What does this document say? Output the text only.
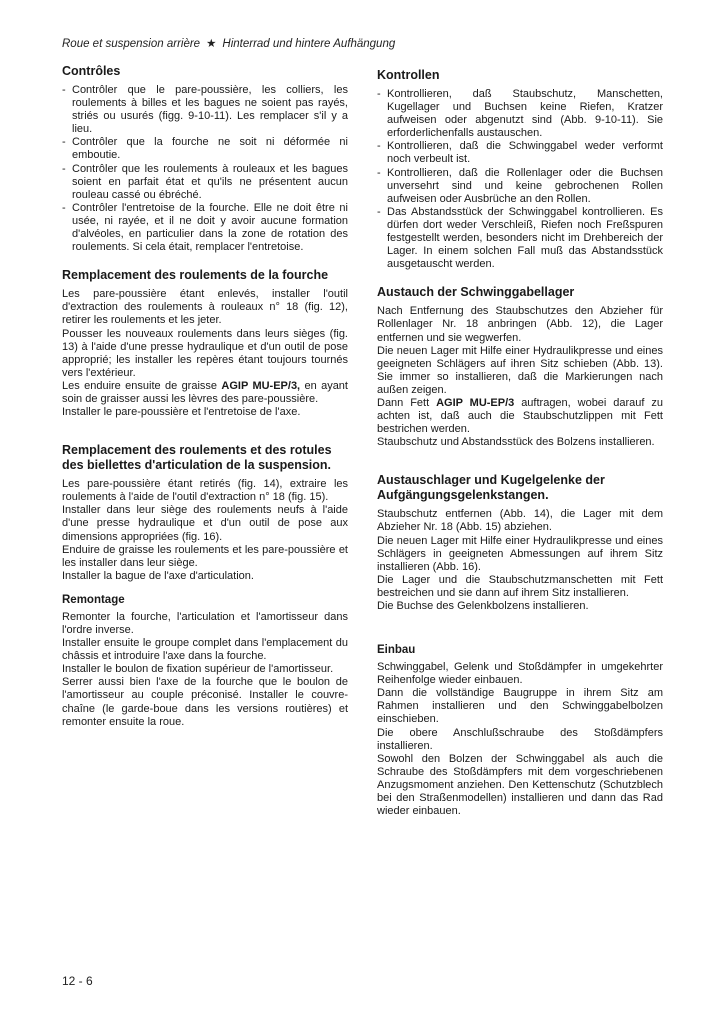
Roue et suspension arrière ★ Hinterrad und hintere Aufhängung
Contrôles
- Contrôler que le pare-poussière, les colliers, les roulements à billes et les bagues ne soient pas rayés, striés ou usurés (figg. 9-10-11). Les remplacer s'il y a lieu.
- Contrôler que la fourche ne soit ni déformée ni emboutie.
- Contrôler que les roulements à rouleaux et les bagues soient en parfait état et qu'ils ne présentent aucun rouleau cassé ou ébréché.
- Contrôler l'entretoise de la fourche. Elle ne doit être ni usée, ni rayée, et il ne doit y avoir aucune formation d'alvéoles, en particulier dans la zone de rotation des roulements. Si cela était, remplacer l'entretoise.
Remplacement des roulements de la fourche

Les pare-poussière étant enlevés, installer l'outil d'extraction des roulements à rouleaux n° 18 (fig. 12), retirer les roulements et les jeter.

Pousser les nouveaux roulements dans leurs sièges (fig. 13) à l'aide d'une presse hydraulique et d'un outil de pose approprié; les installer les repères étant toujours tournés vers l'extérieur.

Les enduire ensuite de graisse AGIP MU-EP/3, en ayant soin de graisser aussi les lèvres des pare-poussière.

Installer le pare-poussière et l'entretoise de l'axe.

Remplacement des roulements et des rotules des biellettes d'articulation de la suspension.

Les pare-poussière étant retirés (fig. 14), extraire les roulements à l'aide de l'outil d'extraction n° 18 (fig. 15).

Installer dans leur siège des roulements neufs à l'aide d'une presse hydraulique et d'un outil de pose aux dimensions appropriées (fig. 16).

Enduire de graisse les roulements et les pare-poussière et les installer dans leur siège.

Installer la bague de l'axe d'articulation.

Remontage

Remonter la fourche, l'articulation et l'amortisseur dans l'ordre inverse.

Installer ensuite le groupe complet dans l'emplacement du châssis et introduire l'axe dans la fourche.

Installer le boulon de fixation supérieur de l'amortisseur.

Serrer aussi bien l'axe de la fourche que le boulon de l'amortisseur au couple préconisé. Installer le couvre-chaîne (le garde-boue dans les versions routières) et remonter ensuite la roue.

Kontrollen
- Kontrollieren, daß Staubschutz, Manschetten, Kugellager und Buchsen keine Riefen, Kratzer aufweisen oder abgenutzt sind (Abb. 9-10-11). Sie erforderlichenfalls austauschen.
- Kontrollieren, daß die Schwinggabel weder verformt noch verbeult ist.
- Kontrollieren, daß die Rollenlager oder die Buchsen unversehrt sind und keine gebrochenen Rollen aufweisen oder Ausbrüche an den Rollen.
- Das Abstandsstück der Schwinggabel kontrollieren. Es dürfen dort weder Verschleiß, Riefen noch Freßspuren festgestellt werden, besonders nicht im Drehbereich der Lager. In einem solchen Fall muß das Abstandsstück ausgetauscht werden.
Austauch der Schwinggabellager

Nach Entfernung des Staubschutzes den Abzieher für Rollenlager Nr. 18 anbringen (Abb. 12), die Lager entfernen und sie wegwerfen.

Die neuen Lager mit Hilfe einer Hydraulikpresse und eines geeigneten Schlägers auf ihren Sitz schieben (Abb. 13). Sie immer so installieren, daß die Markierungen nach außen zeigen.

Dann Fett AGIP MU-EP/3 auftragen, wobei darauf zu achten ist, daß auch die Staubschutzlippen mit Fett bestrichen werden.

Staubschutz und Abstandsstück des Bolzens installieren.

Austauschlager und Kugelgelenke der Aufgängungsgelenkstangen.

Staubschutz entfernen (Abb. 14), die Lager mit dem Abzieher Nr. 18 (Abb. 15) abziehen.

Die neuen Lager mit Hilfe einer Hydraulikpresse und eines Schlägers in geeigneten Abmessungen auf ihrem Sitz installieren (Abb. 16).

Die Lager und die Staubschutzmanschetten mit Fett bestreichen und sie dann auf ihrem Sitz installieren.

Die Buchse des Gelenkbolzens installieren.

Einbau

Schwinggabel, Gelenk und Stoßdämpfer in umgekehrter Reihenfolge wieder einbauen.

Dann die vollständige Baugruppe in ihrem Sitz am Rahmen installieren und den Schwinggabelbolzen einschieben.

Die obere Anschlußschraube des Stoßdämpfers installieren.

Sowohl den Bolzen der Schwinggabel als auch die Schraube des Stoßdämpfers mit dem vorgeschriebenen Anzugsmoment anziehen. Den Kettenschutz (Schutzblech bei den Straßenmodellen) installieren und dann das Rad wieder einbauen.

12 - 6
